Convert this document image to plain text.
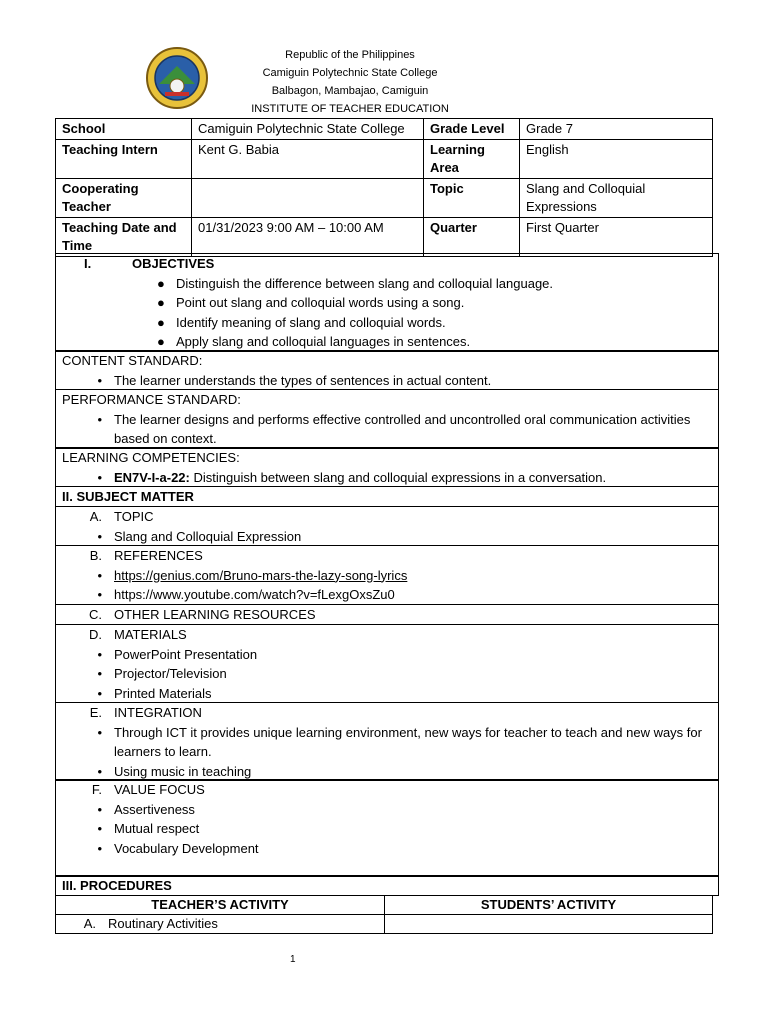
Republic of the Philippines
Camiguin Polytechnic State College
Balbagon, Mambajao, Camiguin
INSTITUTE OF TEACHER EDUCATION
School	Camiguin Polytechnic State College	Grade Level	Grade 7
Teaching Intern	Kent G. Babia	Learning Area	English
Cooperating Teacher		Topic	Slang and Colloquial Expressions
Teaching Date and Time	01/31/2023 9:00 AM – 10:00 AM	Quarter	First Quarter
I.	OBJECTIVES
● Distinguish the difference between slang and colloquial language.
● Point out slang and colloquial words using a song.
● Identify meaning of slang and colloquial words.
● Apply slang and colloquial languages in sentences.
CONTENT STANDARD:
• The learner understands the types of sentences in actual content.
PERFORMANCE STANDARD:
• The learner designs and performs effective controlled and uncontrolled oral communication activities based on context.
LEARNING COMPETENCIES:
• EN7V-I-a-22: Distinguish between slang and colloquial expressions in a conversation.
II. SUBJECT MATTER
A. TOPIC
• Slang and Colloquial Expression
B. REFERENCES
• https://genius.com/Bruno-mars-the-lazy-song-lyrics
• https://www.youtube.com/watch?v=fLexgOxsZu0
C. OTHER LEARNING RESOURCES
D. MATERIALS
• PowerPoint Presentation
• Projector/Television
• Printed Materials
E. INTEGRATION
• Through ICT it provides unique learning environment, new ways for teacher to teach and new ways for learners to learn.
• Using music in teaching
F. VALUE FOCUS
• Assertiveness
• Mutual respect
• Vocabulary Development
III. PROCEDURES
TEACHER’S ACTIVITY	STUDENTS’ ACTIVITY

A. Routinary Activities	

1
